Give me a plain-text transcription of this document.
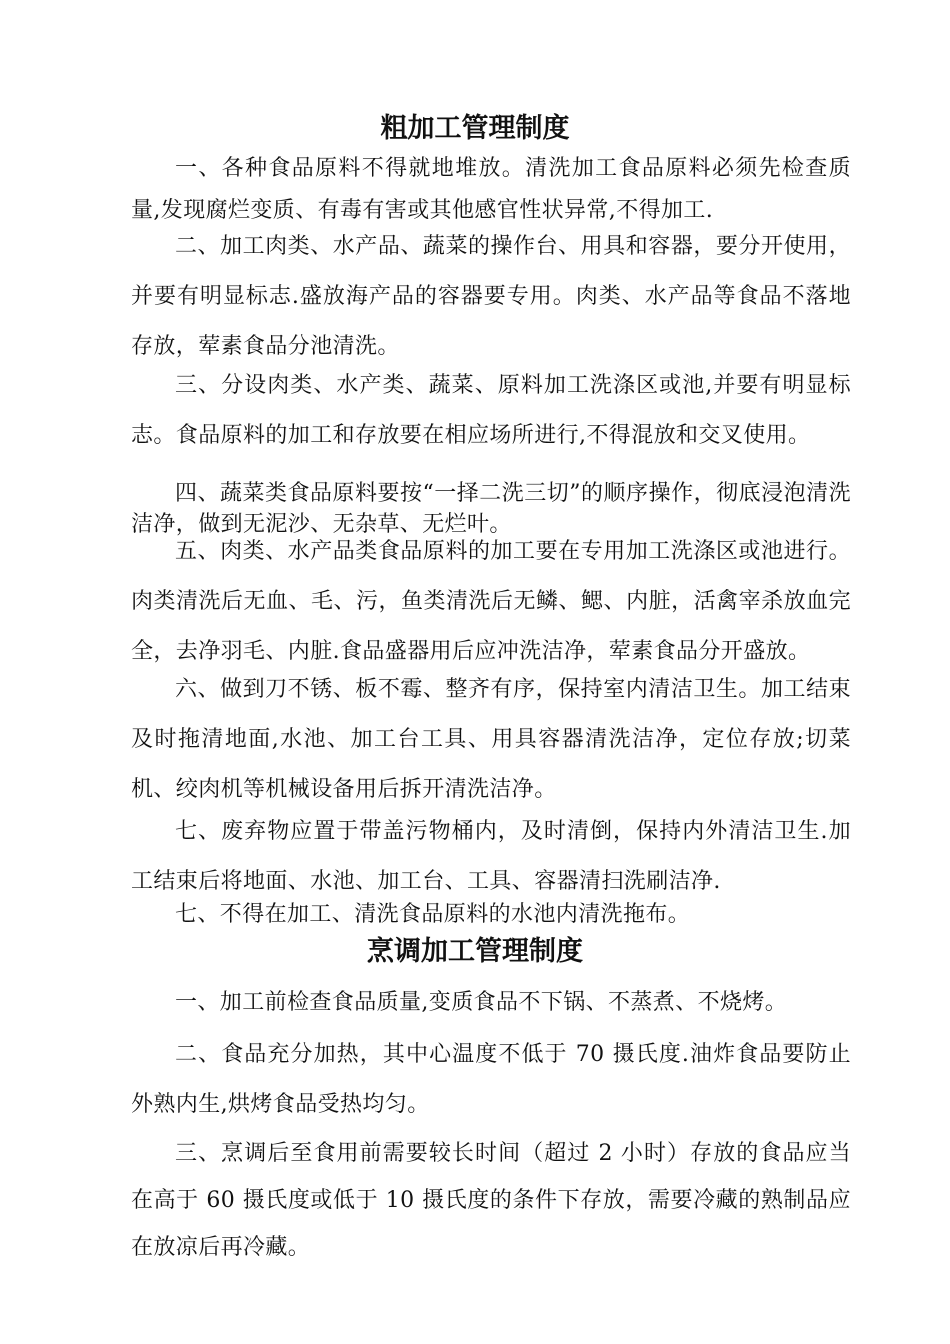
粗加工管理制度
一、各种食品原料不得就地堆放。清洗加工食品原料必须先检查质量,发现腐烂变质、有毒有害或其他感官性状异常,不得加工.
二、加工肉类、水产品、蔬菜的操作台、用具和容器，要分开使用，并要有明显标志.盛放海产品的容器要专用。肉类、水产品等食品不落地存放，荤素食品分池清洗。
三、分设肉类、水产类、蔬菜、原料加工洗涤区或池,并要有明显标志。食品原料的加工和存放要在相应场所进行,不得混放和交叉使用。
四、蔬菜类食品原料要按“一择二洗三切”的顺序操作，彻底浸泡清洗洁净，做到无泥沙、无杂草、无烂叶。
五、肉类、水产品类食品原料的加工要在专用加工洗涤区或池进行。肉类清洗后无血、毛、污，鱼类清洗后无鳞、鳃、内脏，活禽宰杀放血完全，去净羽毛、内脏.食品盛器用后应冲洗洁净，荤素食品分开盛放。
六、做到刀不锈、板不霉、整齐有序，保持室内清洁卫生。加工结束及时拖清地面,水池、加工台工具、用具容器清洗洁净，定位存放;切菜机、绞肉机等机械设备用后拆开清洗洁净。
七、废弃物应置于带盖污物桶内，及时清倒，保持内外清洁卫生.加工结束后将地面、水池、加工台、工具、容器清扫洗刷洁净.
七、不得在加工、清洗食品原料的水池内清洗拖布。
烹调加工管理制度
一、加工前检查食品质量,变质食品不下锅、不蒸煮、不烧烤。
二、食品充分加热，其中心温度不低于 70 摄氏度.油炸食品要防止外熟内生,烘烤食品受热均匀。
三、烹调后至食用前需要较长时间（超过 2 小时）存放的食品应当在高于 60 摄氏度或低于 10 摄氏度的条件下存放，需要冷藏的熟制品应在放凉后再冷藏。
